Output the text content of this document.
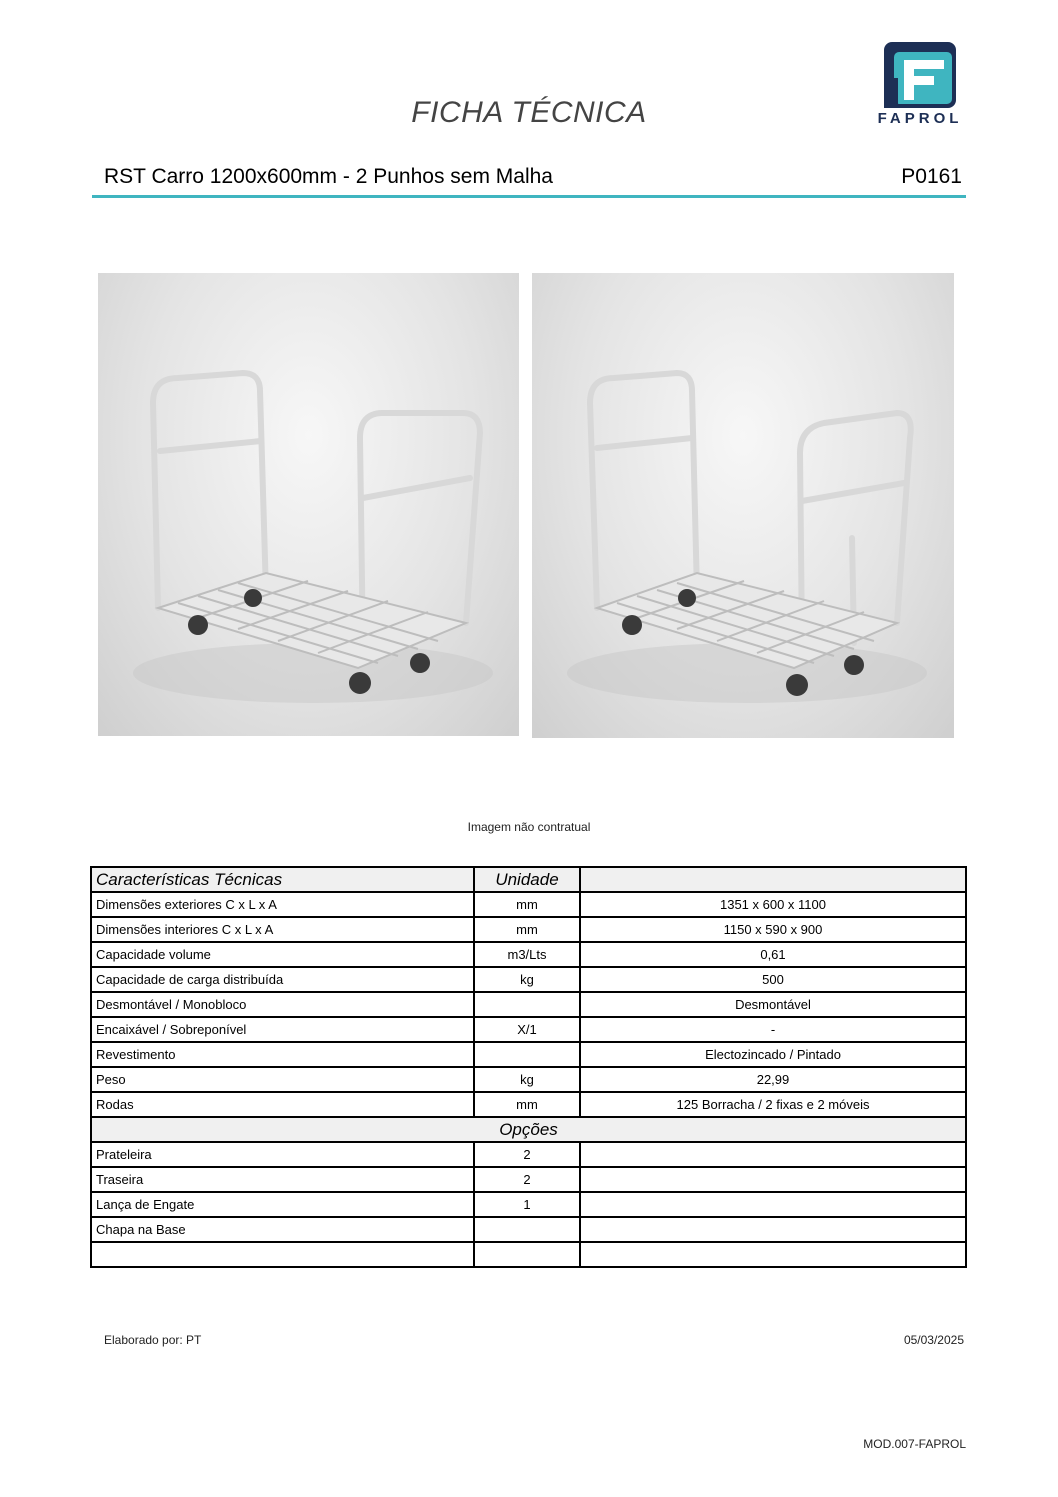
FICHA TÉCNICA	FAPROL
RST Carro 1200x600mm - 2 Punhos sem Malha	P0161
Imagem não contratual
Características Técnicas	Unidade	
Dimensões exteriores C x L x A	mm	1351 x 600 x 1100
Dimensões interiores C x L x A	mm	1150 x 590 x 900
Capacidade volume	m3/Lts	0,61
Capacidade de carga distribuída	kg	500
Desmontável / Monobloco		Desmontável
Encaixável / Sobreponível	X/1	-
Revestimento		Electozincado / Pintado
Peso	kg	22,99
Rodas	mm	125 Borracha / 2 fixas e 2 móveis
Opções		
Prateleira	2	
Traseira	2	
Lança de Engate	1	
Chapa na Base		

Elaborado por: PT	05/03/2025
MOD.007-FAPROL
